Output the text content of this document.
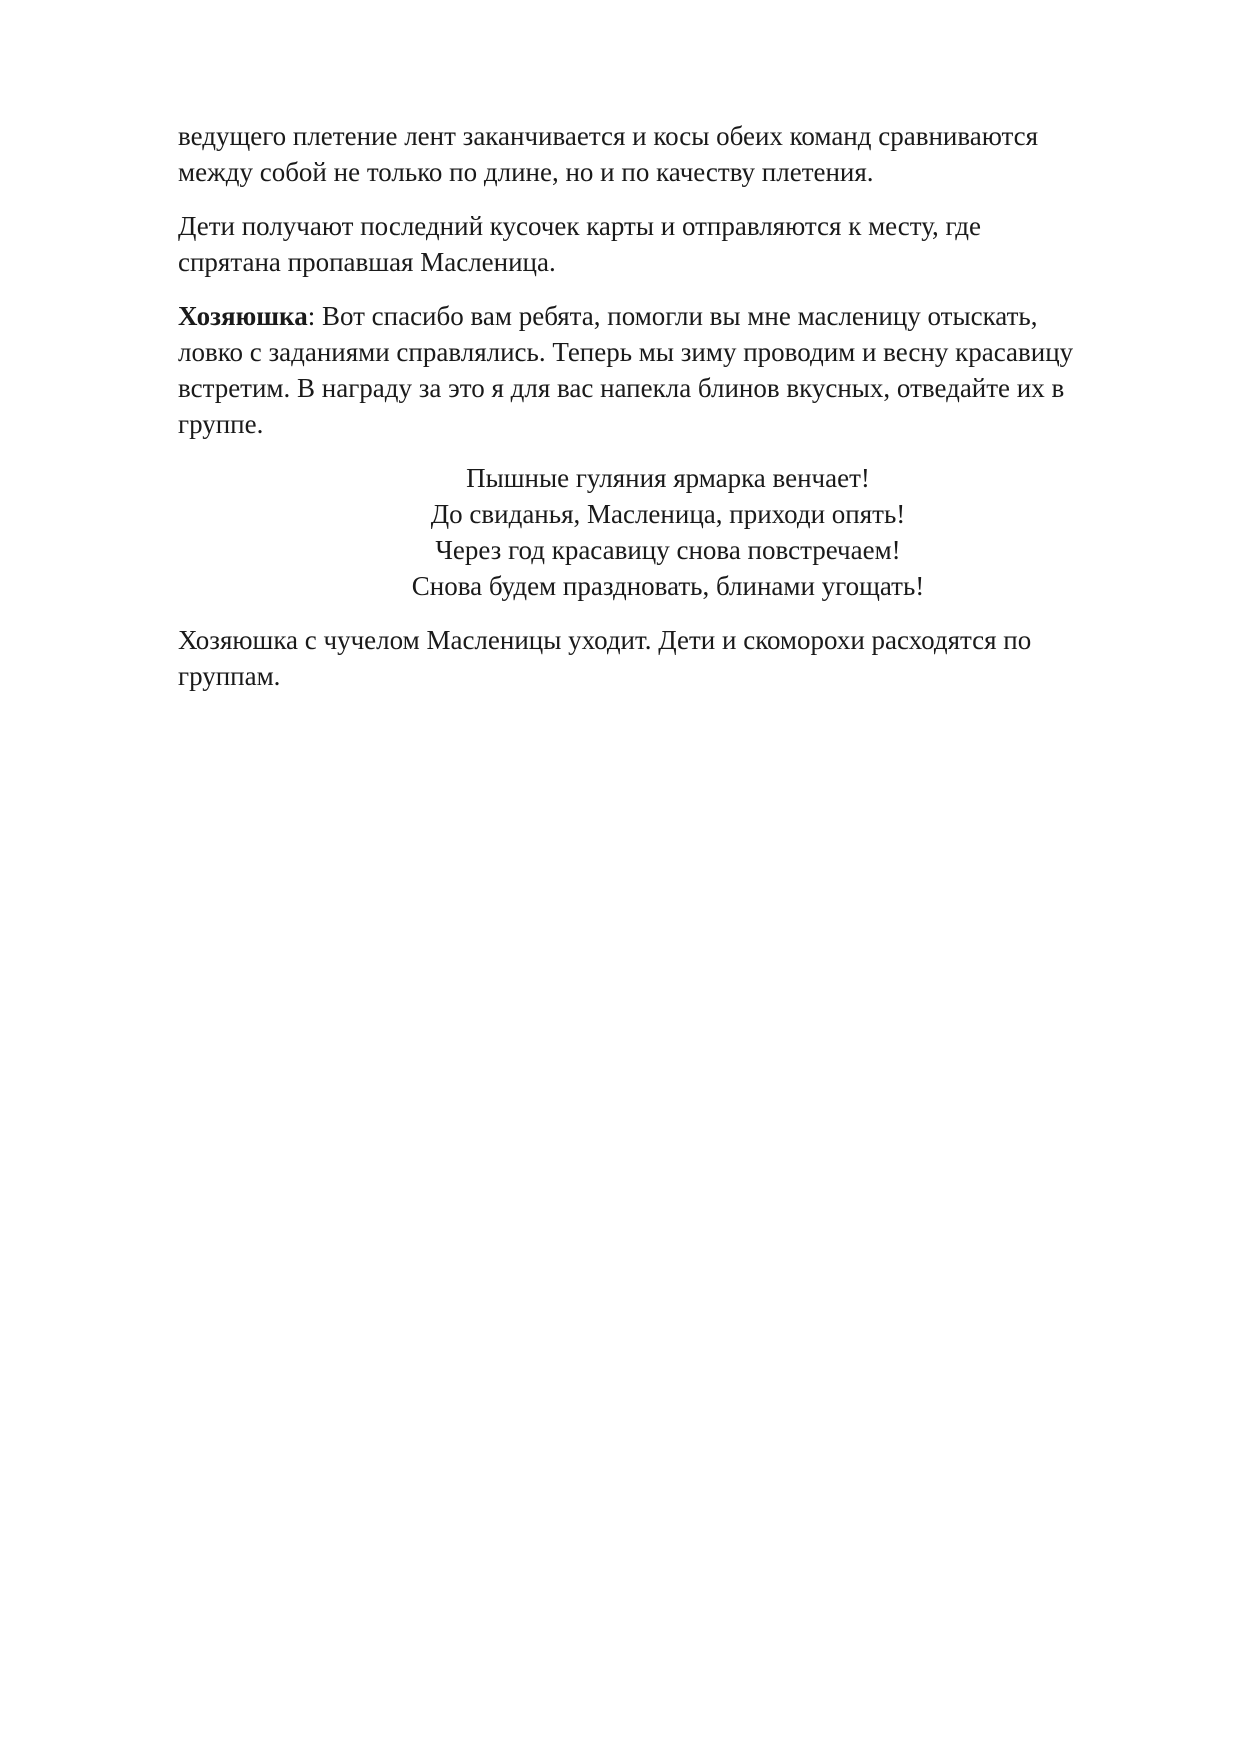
ведущего плетение лент заканчивается и косы обеих команд сравниваются
между собой не только по длине, но и по качеству плетения.

Дети получают последний кусочек карты и отправляются к месту, где
спрятана пропавшая Масленица.

Хозяюшка: Вот спасибо вам ребята, помогли вы мне масленицу отыскать,
ловко с заданиями справлялись. Теперь мы зиму проводим и весну красавицу
встретим. В награду за это я для вас напекла блинов вкусных, отведайте их в
группе.

Пышные гуляния ярмарка венчает!
До свиданья, Масленица, приходи опять!
Через год красавицу снова повстречаем!
Снова будем праздновать, блинами угощать!

Хозяюшка с чучелом Масленицы уходит. Дети и скоморохи расходятся по
группам.
